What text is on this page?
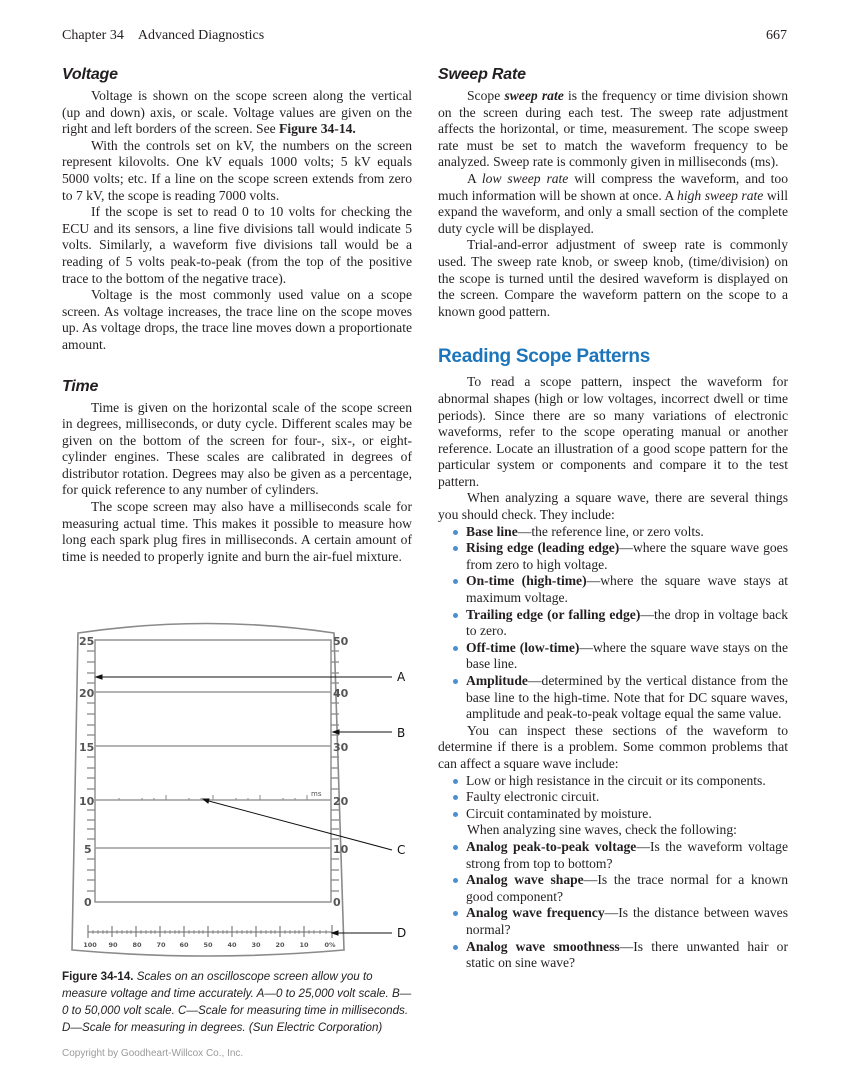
Chapter 34 Advanced Diagnostics	667
Voltage

Voltage is shown on the scope screen along the vertical (up and down) axis, or scale. Voltage values are given on the right and left borders of the screen. See Figure 34-14.

With the controls set on kV, the numbers on the screen represent kilovolts. One kV equals 1000 volts; 5 kV equals 5000 volts; etc. If a line on the scope screen extends from zero to 7 kV, the scope is reading 7000 volts.

If the scope is set to read 0 to 10 volts for checking the ECU and its sensors, a line five divisions tall would indicate 5 volts. Similarly, a waveform five divisions tall would be a reading of 5 volts peak-to-peak (from the top of the positive trace to the bottom of the negative trace).

Voltage is the most commonly used value on a scope screen. As voltage increases, the trace line on the scope moves up. As voltage drops, the trace line moves down a proportionate amount.

Time

Time is given on the horizontal scale of the scope screen in degrees, milliseconds, or duty cycle. Different scales may be given on the bottom of the screen for four-, six-, or eight-cylinder engines. These scales are calibrated in degrees of distributor rotation. Degrees may also be given as a percentage, for quick reference to any number of cylinders.

The scope screen may also have a milliseconds scale for measuring actual time. This makes it possible to measure how long each spark plug fires in milliseconds. A certain amount of time is needed to properly ignite and burn the air-fuel mixture.

ms
25
20
15
10
5
0
50
40
30
20
10
0
100 90 80 70 60 50 40 30 20 10 0%
A
B
C
D
Figure 34-14. Scales on an oscilloscope screen allow you to measure voltage and time accurately. A—0 to 25,000 volt scale. B—0 to 50,000 volt scale. C—Scale for measuring time in milliseconds. D—Scale for measuring in degrees. (Sun Electric Corporation)
Sweep Rate

Scope sweep rate is the frequency or time division shown on the screen during each test. The sweep rate adjustment affects the horizontal, or time, measurement. The scope sweep rate must be set to match the waveform frequency to be analyzed. Sweep rate is commonly given in milliseconds (ms).

A low sweep rate will compress the waveform, and too much information will be shown at once. A high sweep rate will expand the waveform, and only a small section of the complete duty cycle will be displayed.

Trial-and-error adjustment of sweep rate is commonly used. The sweep rate knob, or sweep knob, (time/division) on the scope is turned until the desired waveform is displayed on the screen. Compare the waveform pattern on the scope to a known good pattern.

Reading Scope Patterns

To read a scope pattern, inspect the waveform for abnormal shapes (high or low voltages, incorrect dwell or time periods). Since there are so many variations of electronic waveforms, refer to the scope operating manual or another reference. Locate an illustration of a good scope pattern for the particular system or components and compare it to the test pattern.

When analyzing a square wave, there are several things you should check. They include:

Base line—the reference line, or zero volts.
Rising edge (leading edge)—where the square wave goes from zero to high voltage.
On-time (high-time)—where the square wave stays at maximum voltage.
Trailing edge (or falling edge)—the drop in voltage back to zero.
Off-time (low-time)—where the square wave stays on the base line.
Amplitude—determined by the vertical distance from the base line to the high-time. Note that for DC square waves, amplitude and peak-to-peak voltage equal the same value.

You can inspect these sections of the waveform to determine if there is a problem. Some common problems that can affect a square wave include:

Low or high resistance in the circuit or its components.
Faulty electronic circuit.
Circuit contaminated by moisture.

When analyzing sine waves, check the following:

Analog peak-to-peak voltage—Is the waveform voltage strong from top to bottom?
Analog wave shape—Is the trace normal for a known good component?
Analog wave frequency—Is the distance between waves normal?
Analog wave smoothness—Is there unwanted hair or static on sine wave?
Copyright by Goodheart-Willcox Co., Inc.
